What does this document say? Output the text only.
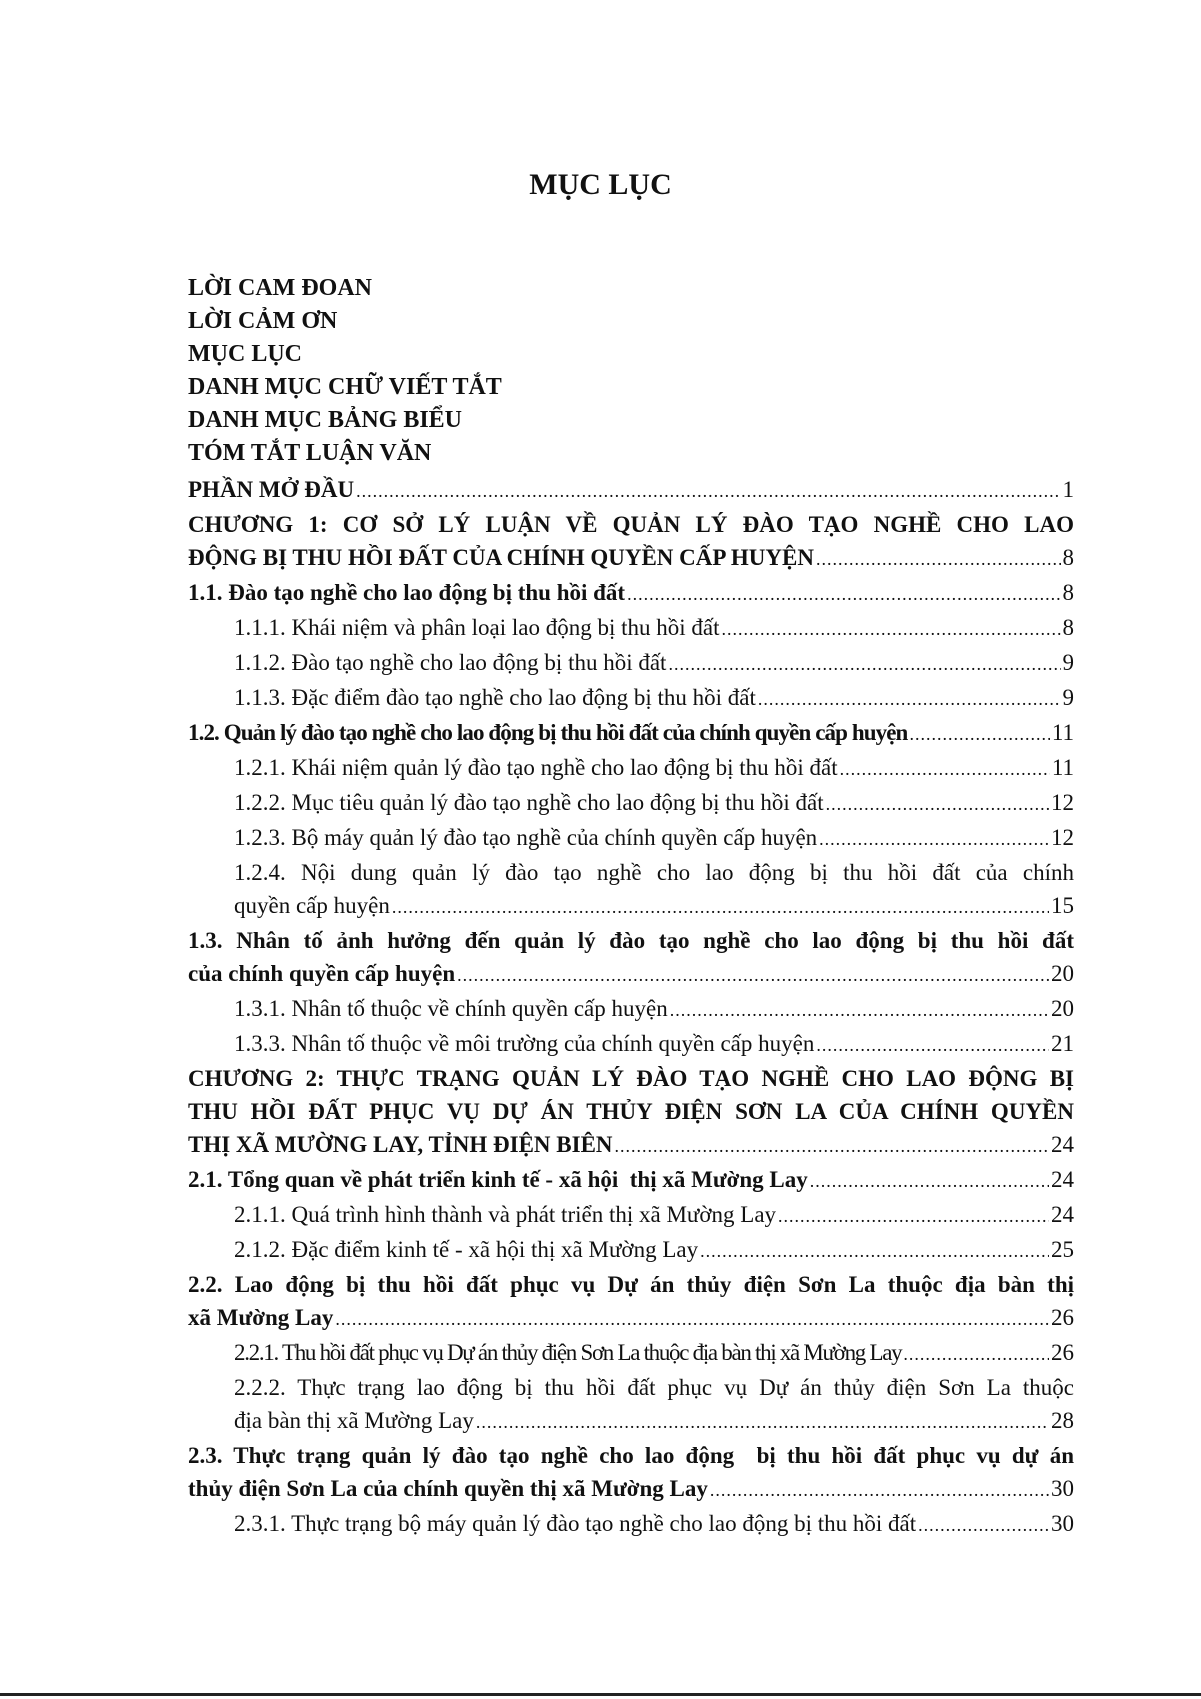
MỤC LỤC
LỜI CAM ĐOAN
LỜI CẢM ƠN
MỤC LỤC
DANH MỤC CHỮ VIẾT TẮT
DANH MỤC BẢNG BIỂU
TÓM TẮT LUẬN VĂN
PHẦN MỞ ĐẦU .....	1
CHƯƠNG 1: CƠ SỞ LÝ LUẬN VỀ QUẢN LÝ ĐÀO TẠO NGHỀ CHO LAO
ĐỘNG BỊ THU HỒI ĐẤT CỦA CHÍNH QUYỀN CẤP HUYỆN .....	8
1.1. Đào tạo nghề cho lao động bị thu hồi đất .....	8
1.1.1. Khái niệm và phân loại lao động bị thu hồi đất .....	8
1.1.2. Đào tạo nghề cho lao động bị thu hồi đất .....	9
1.1.3. Đặc điểm đào tạo nghề cho lao động bị thu hồi đất .....	9
1.2. Quản lý đào tạo nghề cho lao động bị thu hồi đất của chính quyền cấp huyện .....	11
1.2.1. Khái niệm quản lý đào tạo nghề cho lao động bị thu hồi đất .....	11
1.2.2. Mục tiêu quản lý đào tạo nghề cho lao động bị thu hồi đất .....	12
1.2.3. Bộ máy quản lý đào tạo nghề của chính quyền cấp huyện .....	12
1.2.4. Nội dung quản lý đào tạo nghề cho lao động bị thu hồi đất của chính
quyền cấp huyện .....	15
1.3. Nhân tố ảnh hưởng đến quản lý đào tạo nghề cho lao động bị thu hồi đất
của chính quyền cấp huyện .....	20
1.3.1. Nhân tố thuộc về chính quyền cấp huyện .....	20
1.3.3. Nhân tố thuộc về môi trường của chính quyền cấp huyện .....	21
CHƯƠNG 2: THỰC TRẠNG QUẢN LÝ ĐÀO TẠO NGHỀ CHO LAO ĐỘNG BỊ
THU HỒI ĐẤT PHỤC VỤ DỰ ÁN THỦY ĐIỆN SƠN LA CỦA CHÍNH QUYỀN
THỊ XÃ MƯỜNG LAY, TỈNH ĐIỆN BIÊN .....	24
2.1. Tổng quan về phát triển kinh tế - xã hội  thị xã Mường Lay .....	24
2.1.1. Quá trình hình thành và phát triển thị xã Mường Lay .....	24
2.1.2. Đặc điểm kinh tế - xã hội thị xã Mường Lay .....	25
2.2. Lao động bị thu hồi đất phục vụ Dự án thủy điện Sơn La thuộc địa bàn thị
xã Mường Lay .....	26
2.2.1. Thu hồi đất phục vụ Dự án thủy điện Sơn La thuộc địa bàn thị xã Mường Lay .....	26
2.2.2. Thực trạng lao động bị thu hồi đất phục vụ Dự án thủy điện Sơn La thuộc
địa bàn thị xã Mường Lay .....	28
2.3. Thực trạng quản lý đào tạo nghề cho lao động  bị thu hồi đất phục vụ dự án
thủy điện Sơn La của chính quyền thị xã Mường Lay .....	30
2.3.1. Thực trạng bộ máy quản lý đào tạo nghề cho lao động bị thu hồi đất .....	30
